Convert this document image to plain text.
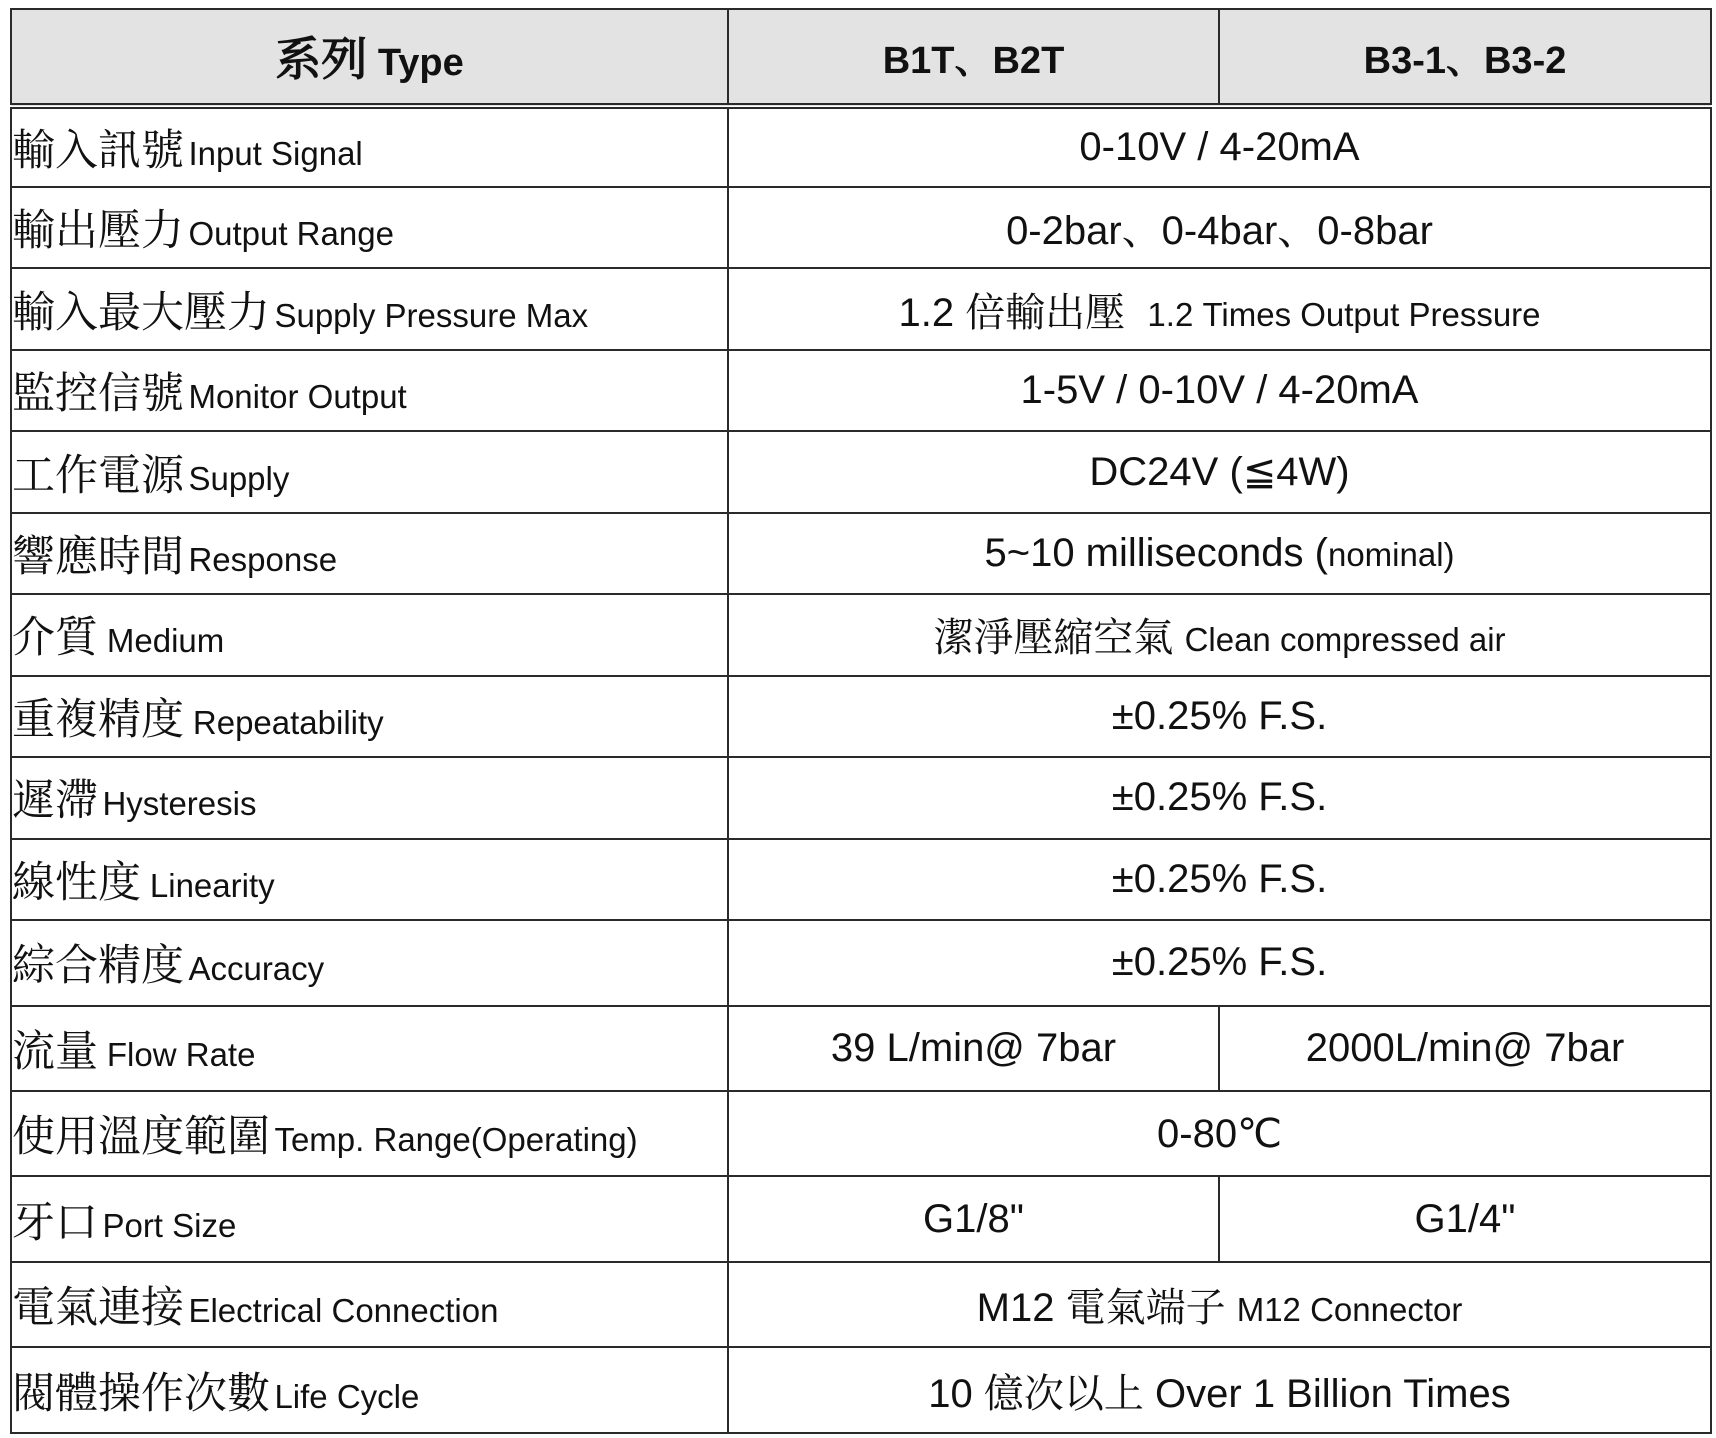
系列 Type	B1T、B2T	B3-1、B3-2
輸入訊號 Input Signal	0-10V / 4-20mA	
輸出壓力 Output Range	0-2bar、0-4bar、0-8bar	
輸入最大壓力 Supply Pressure Max	1.2 倍輸出壓 1.2 Times Output Pressure	
監控信號 Monitor Output	1-5V / 0-10V / 4-20mA	
工作電源 Supply	DC24V (≦4W)	
響應時間 Response	5~10 milliseconds (nominal)	
介質 Medium	潔淨壓縮空氣 Clean compressed air	
重複精度 Repeatability	±0.25% F.S.	
遲滯 Hysteresis	±0.25% F.S.	
線性度 Linearity	±0.25% F.S.	
綜合精度 Accuracy	±0.25% F.S.	
流量 Flow Rate	39 L/min@ 7bar	2000L/min@ 7bar
使用溫度範圍 Temp. Range(Operating)	0-80℃	
牙口 Port Size	G1/8"	G1/4"
電氣連接 Electrical Connection	M12 電氣端子 M12 Connector	
閥體操作次數 Life Cycle	10 億次以上 Over 1 Billion Times	
